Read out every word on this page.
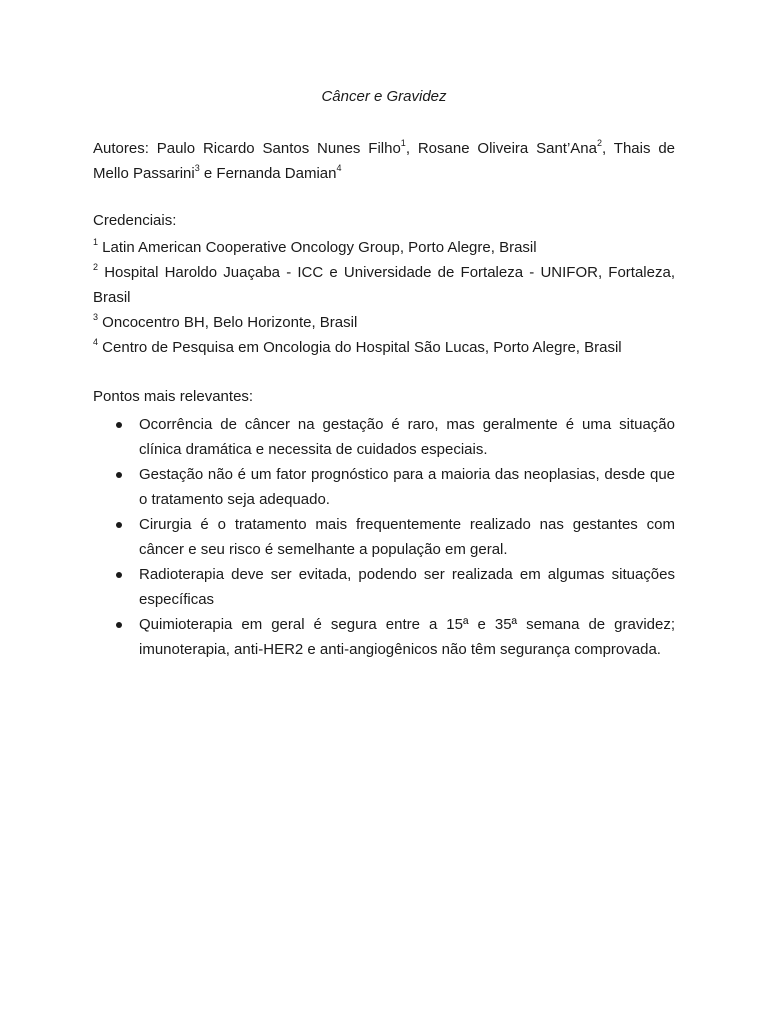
Câncer e Gravidez
Autores: Paulo Ricardo Santos Nunes Filho$^1$, Rosane Oliveira Sant’Ana$^2$, Thais de Mello Passarini$^3$ e Fernanda Damian$^4$
Credenciais:

$^1$ Latin American Cooperative Oncology Group, Porto Alegre, Brasil

$^2$ Hospital Haroldo Juaçaba - ICC e Universidade de Fortaleza - UNIFOR, Fortaleza, Brasil

$^3$ Oncocentro BH, Belo Horizonte, Brasil

$^4$ Centro de Pesquisa em Oncologia do Hospital São Lucas, Porto Alegre, Brasil

Pontos mais relevantes:
Ocorrência de câncer na gestação é raro, mas geralmente é uma situação clínica dramática e necessita de cuidados especiais.
Gestação não é um fator prognóstico para a maioria das neoplasias, desde que o tratamento seja adequado.
Cirurgia é o tratamento mais frequentemente realizado nas gestantes com câncer e seu risco é semelhante a população em geral.
Radioterapia deve ser evitada, podendo ser realizada em algumas situações específicas
Quimioterapia em geral é segura entre a 15ª e 35ª semana de gravidez; imunoterapia, anti-HER2 e anti-angiogênicos não têm segurança comprovada.
